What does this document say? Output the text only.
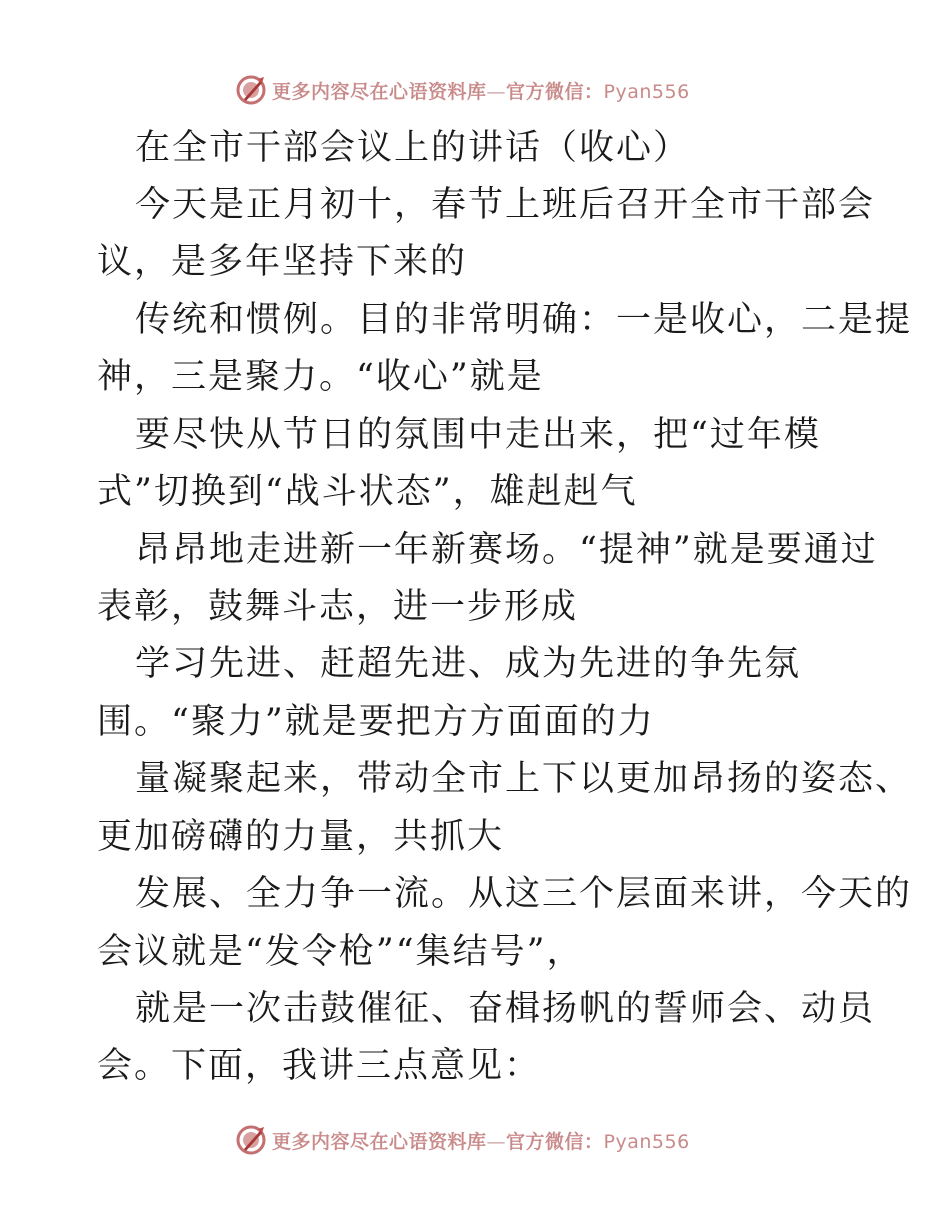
更多内容尽在心语资料库—官方微信：Pyan556
在全市干部会议上的讲话（收心）
今天是正月初十，春节上班后召开全市干部会
议，是多年坚持下来的
传统和惯例。目的非常明确：一是收心，二是提
神，三是聚力。“收心”就是
要尽快从节日的氛围中走出来，把“过年模
式”切换到“战斗状态”，雄赳赳气
昂昂地走进新一年新赛场。“提神”就是要通过
表彰，鼓舞斗志，进一步形成
学习先进、赶超先进、成为先进的争先氛
围。“聚力”就是要把方方面面的力
量凝聚起来，带动全市上下以更加昂扬的姿态、
更加磅礴的力量，共抓大
发展、全力争一流。从这三个层面来讲，今天的
会议就是“发令枪”“集结号”，
就是一次击鼓催征、奋楫扬帆的誓师会、动员
会。下面，我讲三点意见：
更多内容尽在心语资料库—官方微信：Pyan556
